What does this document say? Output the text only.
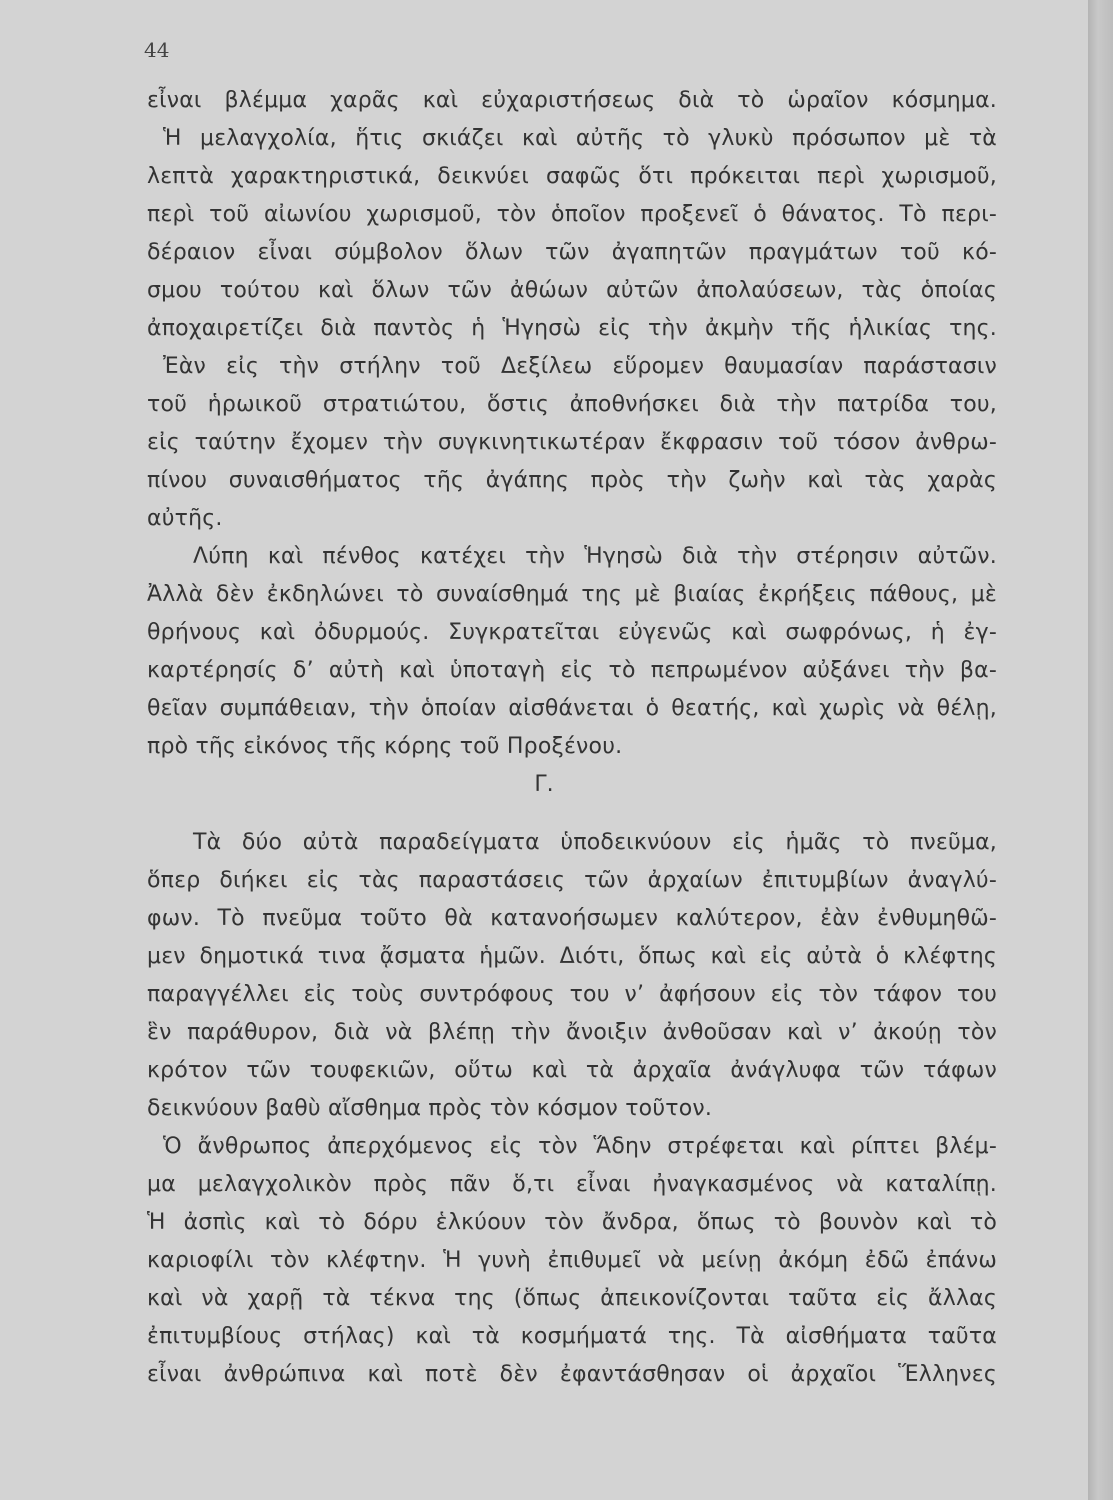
44
εἶναι βλέμμα χαρᾶς καὶ εὐχαριστήσεως διὰ τὸ ὡραῖον κόσμημα.
Ἡ μελαγχολία, ἥτις σκιάζει καὶ αὐτῆς τὸ γλυκὺ πρόσωπον μὲ τὰ
λεπτὰ χαρακτηριστικά, δεικνύει σαφῶς ὅτι πρόκειται περὶ χωρισμοῦ,
περὶ τοῦ αἰωνίου χωρισμοῦ, τὸν ὁποῖον προξενεῖ ὁ θάνατος. Τὸ περι-
δέραιον εἶναι σύμβολον ὅλων τῶν ἀγαπητῶν πραγμάτων τοῦ κό-
σμου τούτου καὶ ὅλων τῶν ἀθώων αὐτῶν ἀπολαύσεων, τὰς ὁποίας
ἀποχαιρετίζει διὰ παντὸς ἡ Ἡγησὼ εἰς τὴν ἀκμὴν τῆς ἡλικίας της.
Ἐὰν εἰς τὴν στήλην τοῦ Δεξίλεω εὕρομεν θαυμασίαν παράστασιν
τοῦ ἡρωικοῦ στρατιώτου, ὅστις ἀποθνήσκει διὰ τὴν πατρίδα του,
εἰς ταύτην ἔχομεν τὴν συγκινητικωτέραν ἔκφρασιν τοῦ τόσον ἀνθρω-
πίνου συναισθήματος τῆς ἀγάπης πρὸς τὴν ζωὴν καὶ τὰς χαρὰς
αὐτῆς.
Λύπη καὶ πένθος κατέχει τὴν Ἡγησὼ διὰ τὴν στέρησιν αὐτῶν.
Ἀλλὰ δὲν ἐκδηλώνει τὸ συναίσθημά της μὲ βιαίας ἐκρήξεις πάθους, μὲ
θρήνους καὶ ὀδυρμούς. Συγκρατεῖται εὐγενῶς καὶ σωφρόνως, ἡ ἐγ-
καρτέρησίς δ’ αὐτὴ καὶ ὑποταγὴ εἰς τὸ πεπρωμένον αὐξάνει τὴν βα-
θεῖαν συμπάθειαν, τὴν ὁποίαν αἰσθάνεται ὁ θεατής, καὶ χωρὶς νὰ θέλῃ,
πρὸ τῆς εἰκόνος τῆς κόρης τοῦ Προξένου.
Γ.
Τὰ δύο αὐτὰ παραδείγματα ὑποδεικνύουν εἰς ἡμᾶς τὸ πνεῦμα,
ὅπερ διήκει εἰς τὰς παραστάσεις τῶν ἀρχαίων ἐπιτυμβίων ἀναγλύ-
φων. Τὸ πνεῦμα τοῦτο θὰ κατανοήσωμεν καλύτερον, ἐὰν ἐνθυμηθῶ-
μεν δημοτικά τινα ᾄσματα ἡμῶν. Διότι, ὅπως καὶ εἰς αὐτὰ ὁ κλέφτης
παραγγέλλει εἰς τοὺς συντρόφους του ν’ ἀφήσουν εἰς τὸν τάφον του
ἓν παράθυρον, διὰ νὰ βλέπῃ τὴν ἄνοιξιν ἀνθοῦσαν καὶ ν’ ἀκούῃ τὸν
κρότον τῶν τουφεκιῶν, οὕτω καὶ τὰ ἀρχαῖα ἀνάγλυφα τῶν τάφων
δεικνύουν βαθὺ αἴσθημα πρὸς τὸν κόσμον τοῦτον.
Ὁ ἄνθρωπος ἀπερχόμενος εἰς τὸν Ἅδην στρέφεται καὶ ρίπτει βλέμ-
μα μελαγχολικὸν πρὸς πᾶν ὅ,τι εἶναι ἠναγκασμένος νὰ καταλίπῃ.
Ἡ ἀσπὶς καὶ τὸ δόρυ ἑλκύουν τὸν ἄνδρα, ὅπως τὸ βουνὸν καὶ τὸ
καριοφίλι τὸν κλέφτην. Ἡ γυνὴ ἐπιθυμεῖ νὰ μείνῃ ἀκόμη ἐδῶ ἐπάνω
καὶ νὰ χαρῇ τὰ τέκνα της (ὅπως ἀπεικονίζονται ταῦτα εἰς ἄλλας
ἐπιτυμβίους στήλας) καὶ τὰ κοσμήματά της. Τὰ αἰσθήματα ταῦτα
εἶναι ἀνθρώπινα καὶ ποτὲ δὲν ἐφαντάσθησαν οἱ ἀρχαῖοι Ἕλληνες
